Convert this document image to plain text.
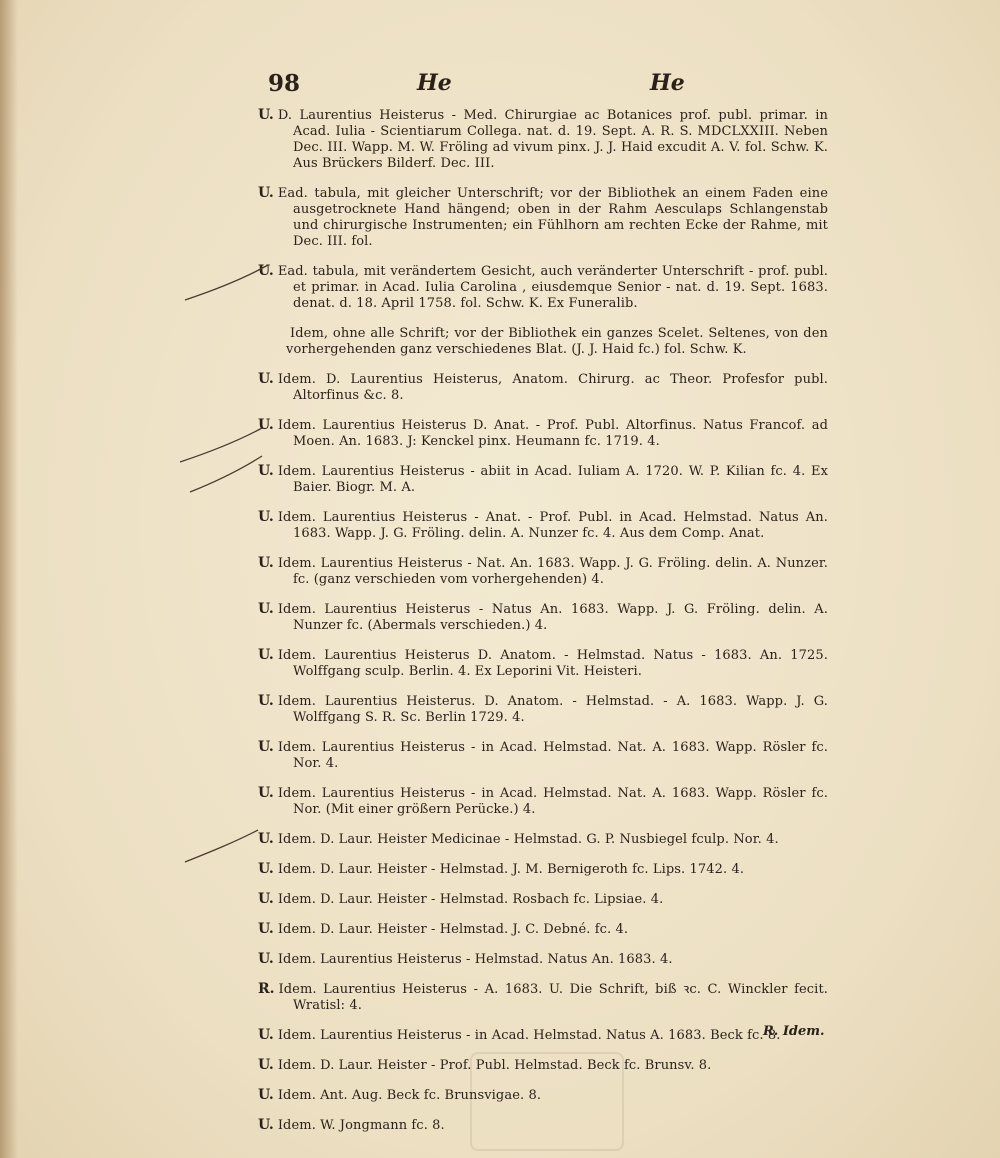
98	He	He

U. D. Laurentius Heisterus - Med. Chirurgiae ac Botanices prof. publ. primar. in Acad. Iulia - Scientiarum Collega. nat. d. 19. Sept. A. R. S. MDCLXXIII. Neben Dec. III. Wapp. M. W. Fröling ad vivum pinx. J. J. Haid excudit A. V. fol. Schw. K. Aus Brückers Bilderf. Dec. III.

U. Ead. tabula, mit gleicher Unterschrift; vor der Bibliothek an einem Faden eine ausgetrocknete Hand hängend; oben in der Rahm Aesculaps Schlangenstab und chirurgische Instrumenten; ein Fühlhorn am rechten Ecke der Rahme, mit Dec. III. fol.

U. Ead. tabula, mit verändertem Gesicht, auch veränderter Unterschrift - prof. publ. et primar. in Acad. Iulia Carolina , eiusdemque Senior - nat. d. 19. Sept. 1683. denat. d. 18. April 1758. fol. Schw. K. Ex Funeralib.

Idem, ohne alle Schrift; vor der Bibliothek ein ganzes Scelet. Seltenes, von den vorhergehenden ganz verschiedenes Blat. (J. J. Haid fc.) fol. Schw. K.

U. Idem. D. Laurentius Heisterus, Anatom. Chirurg. ac Theor. Profesfor publ. Altorfinus &c. 8.

U. Idem. Laurentius Heisterus D. Anat. - Prof. Publ. Altorfinus. Natus Francof. ad Moen. An. 1683. J: Kenckel pinx. Heumann fc. 1719. 4.

U. Idem. Laurentius Heisterus - abiit in Acad. Iuliam A. 1720. W. P. Kilian fc. 4. Ex Baier. Biogr. M. A.

U. Idem. Laurentius Heisterus - Anat. - Prof. Publ. in Acad. Helmstad. Natus An. 1683. Wapp. J. G. Fröling. delin. A. Nunzer fc. 4. Aus dem Comp. Anat.

U. Idem. Laurentius Heisterus - Nat. An. 1683. Wapp. J. G. Fröling. delin. A. Nunzer. fc. (ganz verschieden vom vorhergehenden) 4.

U. Idem. Laurentius Heisterus - Natus An. 1683. Wapp. J. G. Fröling. delin. A. Nunzer fc. (Abermals verschieden.) 4.

U. Idem. Laurentius Heisterus D. Anatom. - Helmstad. Natus - 1683. An. 1725. Wolffgang sculp. Berlin. 4. Ex Leporini Vit. Heisteri.

U. Idem. Laurentius Heisterus. D. Anatom. - Helmstad. - A. 1683. Wapp. J. G. Wolffgang S. R. Sc. Berlin 1729. 4.

U. Idem. Laurentius Heisterus - in Acad. Helmstad. Nat. A. 1683. Wapp. Rösler fc. Nor. 4.

U. Idem. Laurentius Heisterus - in Acad. Helmstad. Nat. A. 1683. Wapp. Rösler fc. Nor. (Mit einer größern Perücke.) 4.

U. Idem. D. Laur. Heister Medicinae - Helmstad. G. P. Nusbiegel fculp. Nor. 4.

U. Idem. D. Laur. Heister - Helmstad. J. M. Bernigeroth fc. Lips. 1742. 4.

U. Idem. D. Laur. Heister - Helmstad. Rosbach fc. Lipsiae. 4.

U. Idem. D. Laur. Heister - Helmstad. J. C. Debné. fc. 4.

U. Idem. Laurentius Heisterus - Helmstad. Natus An. 1683. 4.

R. Idem. Laurentius Heisterus - A. 1683. U. Die Schrift, biß ꝛc. C. Winckler fecit. Wratisl: 4.

U. Idem. Laurentius Heisterus - in Acad. Helmstad. Natus A. 1683. Beck fc. 8.

U. Idem. D. Laur. Heister - Prof. Publ. Helmstad. Beck fc. Brunsv. 8.

U. Idem. Ant. Aug. Beck fc. Brunsvigae. 8.

U. Idem. W. Jongmann fc. 8.

R. Idem.
